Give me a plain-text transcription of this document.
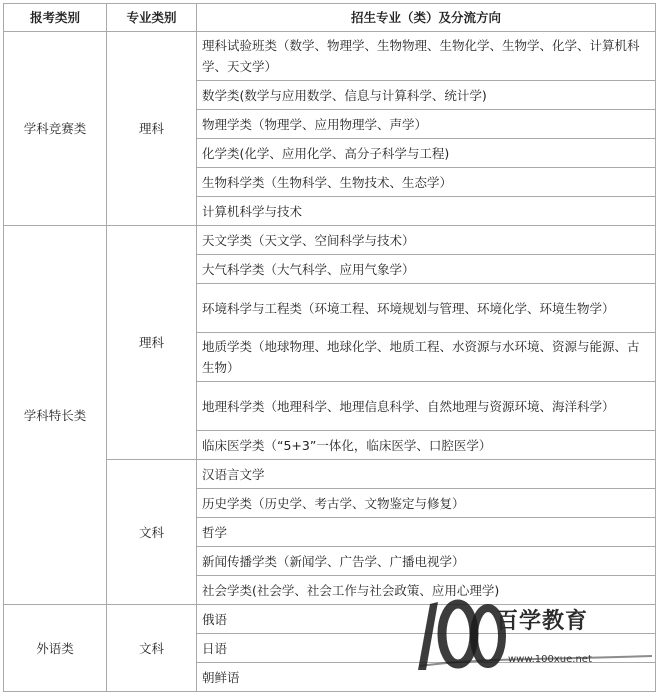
报考类别	专业类别	招生专业（类）及分流方向
学科竞赛类	理科	理科试验班类（数学、物理学、生物物理、生物化学、生物学、化学、计算机科学、天文学）
		数学类(数学与应用数学、信息与计算科学、统计学)
		物理学类（物理学、应用物理学、声学）
		化学类(化学、应用化学、高分子科学与工程)
		生物科学类（生物科学、生物技术、生态学）
		计算机科学与技术
学科特长类	理科	天文学类（天文学、空间科学与技术）
		大气科学类（大气科学、应用气象学）
		环境科学与工程类（环境工程、环境规划与管理、环境化学、环境生物学）
		地质学类（地球物理、地球化学、地质工程、水资源与水环境、资源与能源、古生物）
		地理科学类（地理科学、地理信息科学、自然地理与资源环境、海洋科学）
		临床医学类（“5+3”一体化，临床医学、口腔医学）
	文科	汉语言文学
		历史学类（历史学、考古学、文物鉴定与修复）
		哲学
		新闻传播学类（新闻学、广告学、广播电视学）
		社会学类(社会学、社会工作与社会政策、应用心理学)
外语类	文科	俄语
		日语
		朝鲜语
百学教育
www.100xue.net
